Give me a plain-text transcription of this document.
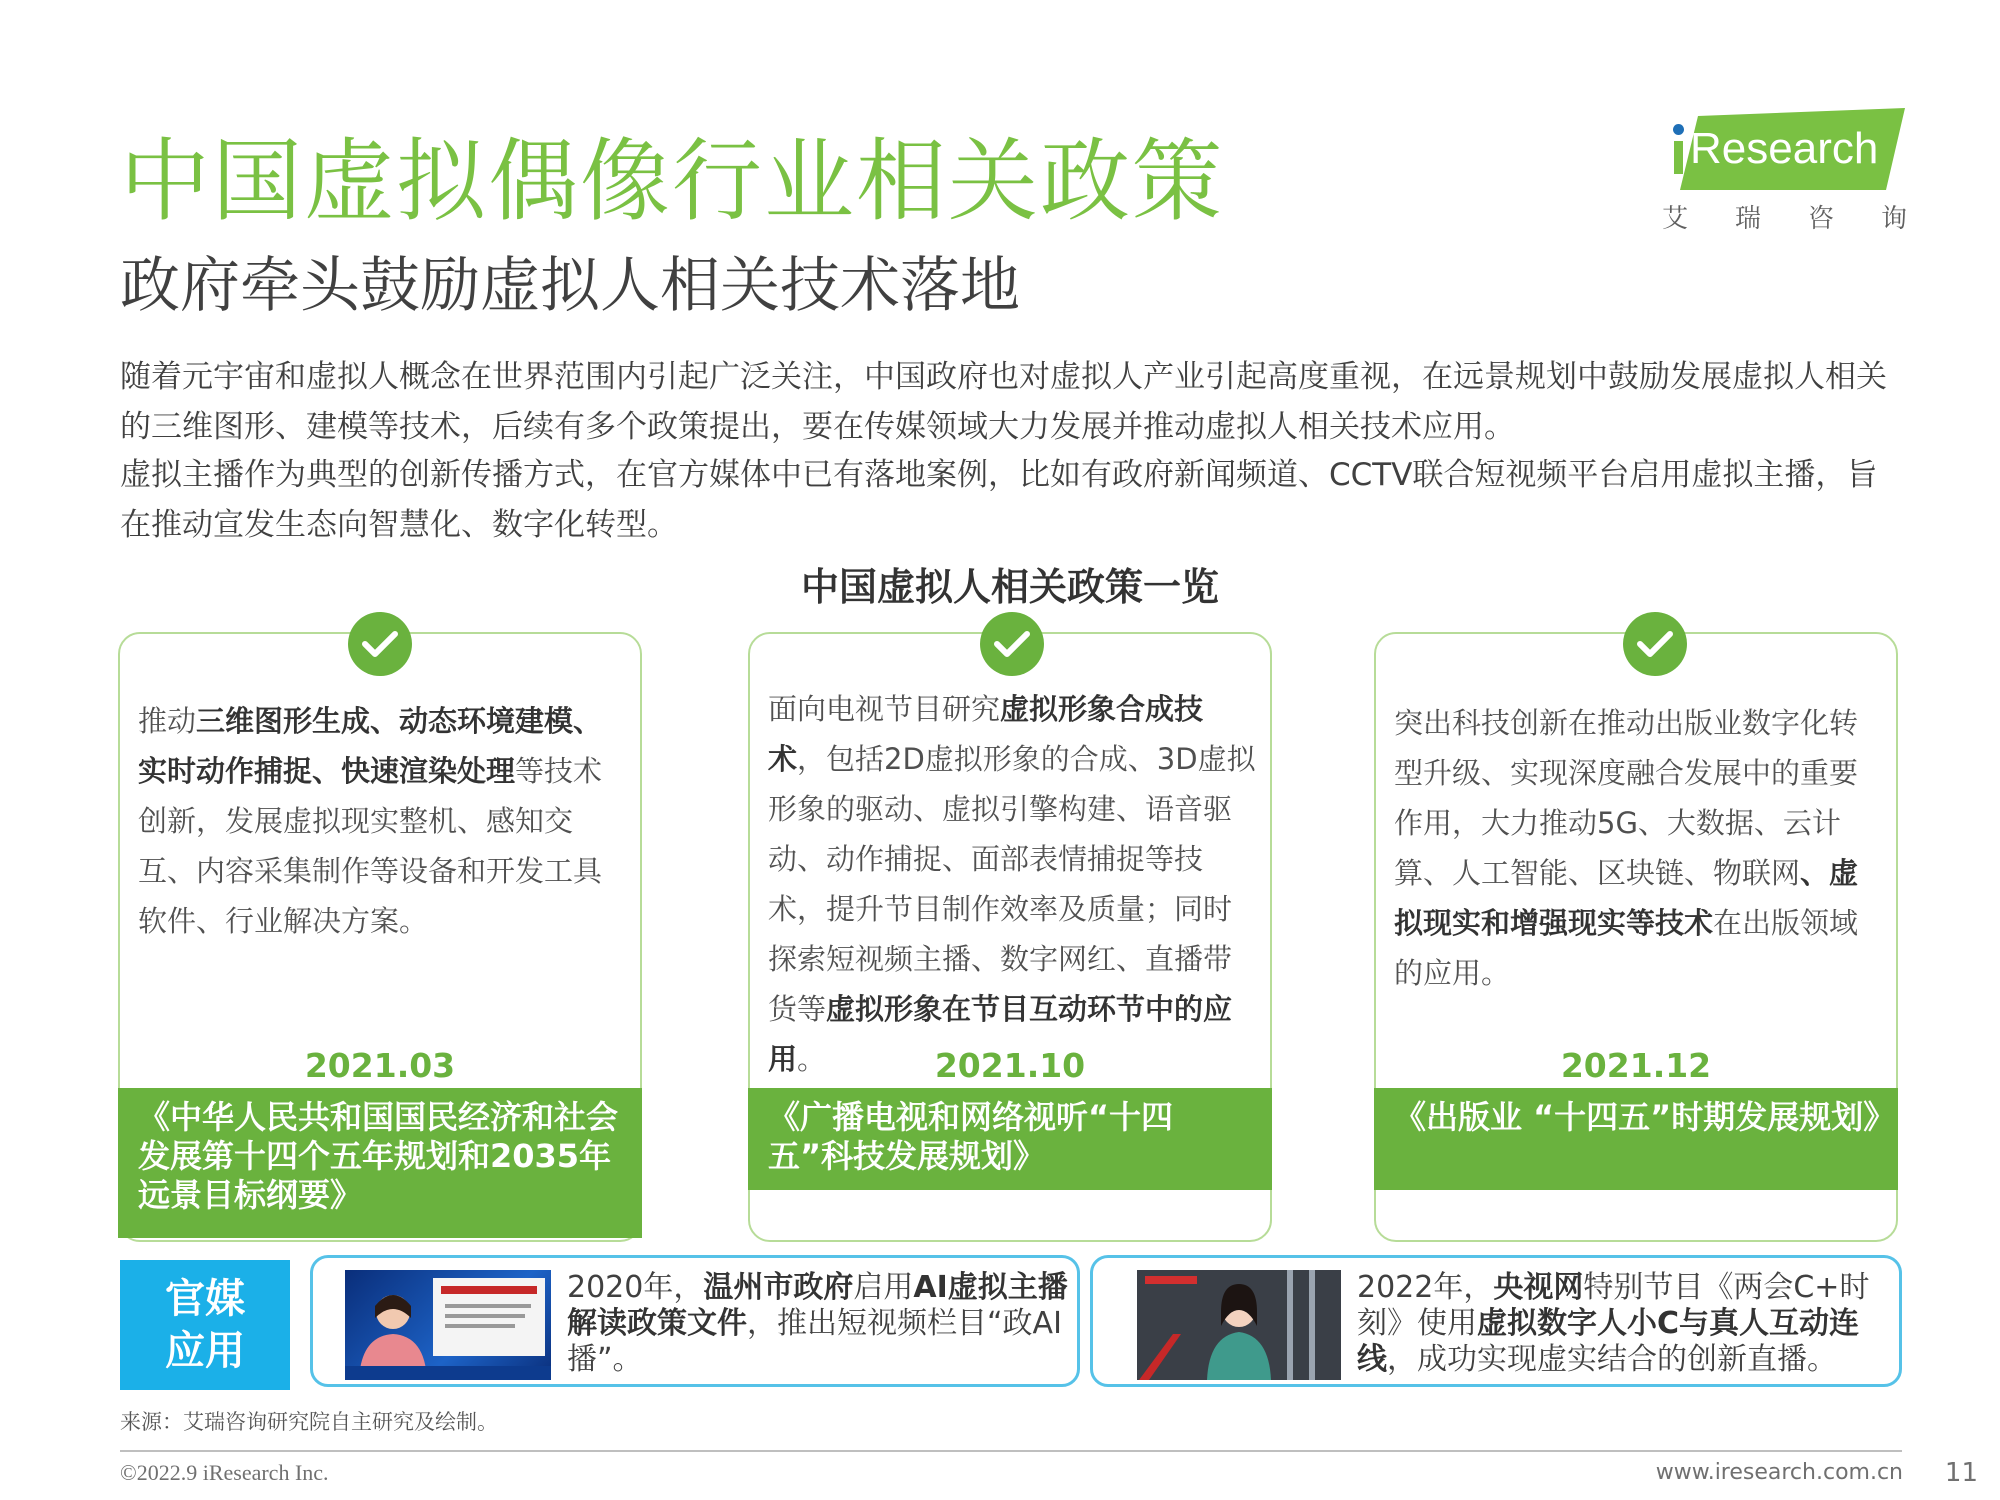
中国虚拟偶像行业相关政策
政府牵头鼓励虚拟人相关技术落地
Research
艾 瑞 咨 询
随着元宇宙和虚拟人概念在世界范围内引起广泛关注，中国政府也对虚拟人产业引起高度重视，在远景规划中鼓励发展虚拟人相关的三维图形、建模等技术，后续有多个政策提出，要在传媒领域大力发展并推动虚拟人相关技术应用。
虚拟主播作为典型的创新传播方式，在官方媒体中已有落地案例，比如有政府新闻频道、CCTV联合短视频平台启用虚拟主播，旨在推动宣发生态向智慧化、数字化转型。
中国虚拟人相关政策一览
推动三维图形生成、动态环境建模、实时动作捕捉、快速渲染处理等技术创新，发展虚拟现实整机、感知交互、内容采集制作等设备和开发工具软件、行业解决方案。
2021.03
《中华人民共和国国民经济和社会发展第十四个五年规划和2035年远景目标纲要》
面向电视节目研究虚拟形象合成技术，包括2D虚拟形象的合成、3D虚拟形象的驱动、虚拟引擎构建、语音驱动、动作捕捉、面部表情捕捉等技术，提升节目制作效率及质量；同时探索短视频主播、数字网红、直播带货等虚拟形象在节目互动环节中的应用。	2021.10
《广播电视和网络视听“十四五”科技发展规划》
突出科技创新在推动出版业数字化转型升级、实现深度融合发展中的重要作用，大力推动5G、大数据、云计算、人工智能、区块链、物联网、虚拟现实和增强现实等技术在出版领域的应用。
2021.12
《出版业 “十四五”时期发展规划》
官媒
应用
2020年，温州市政府启用AI虚拟主播解读政策文件，推出短视频栏目“政AI播”。
2022年，央视网特别节目《两会C+时刻》使用虚拟数字人小C与真人互动连线，成功实现虚实结合的创新直播。
来源：艾瑞咨询研究院自主研究及绘制。
©2022.9 iResearch Inc.	www.iresearch.com.cn 11
